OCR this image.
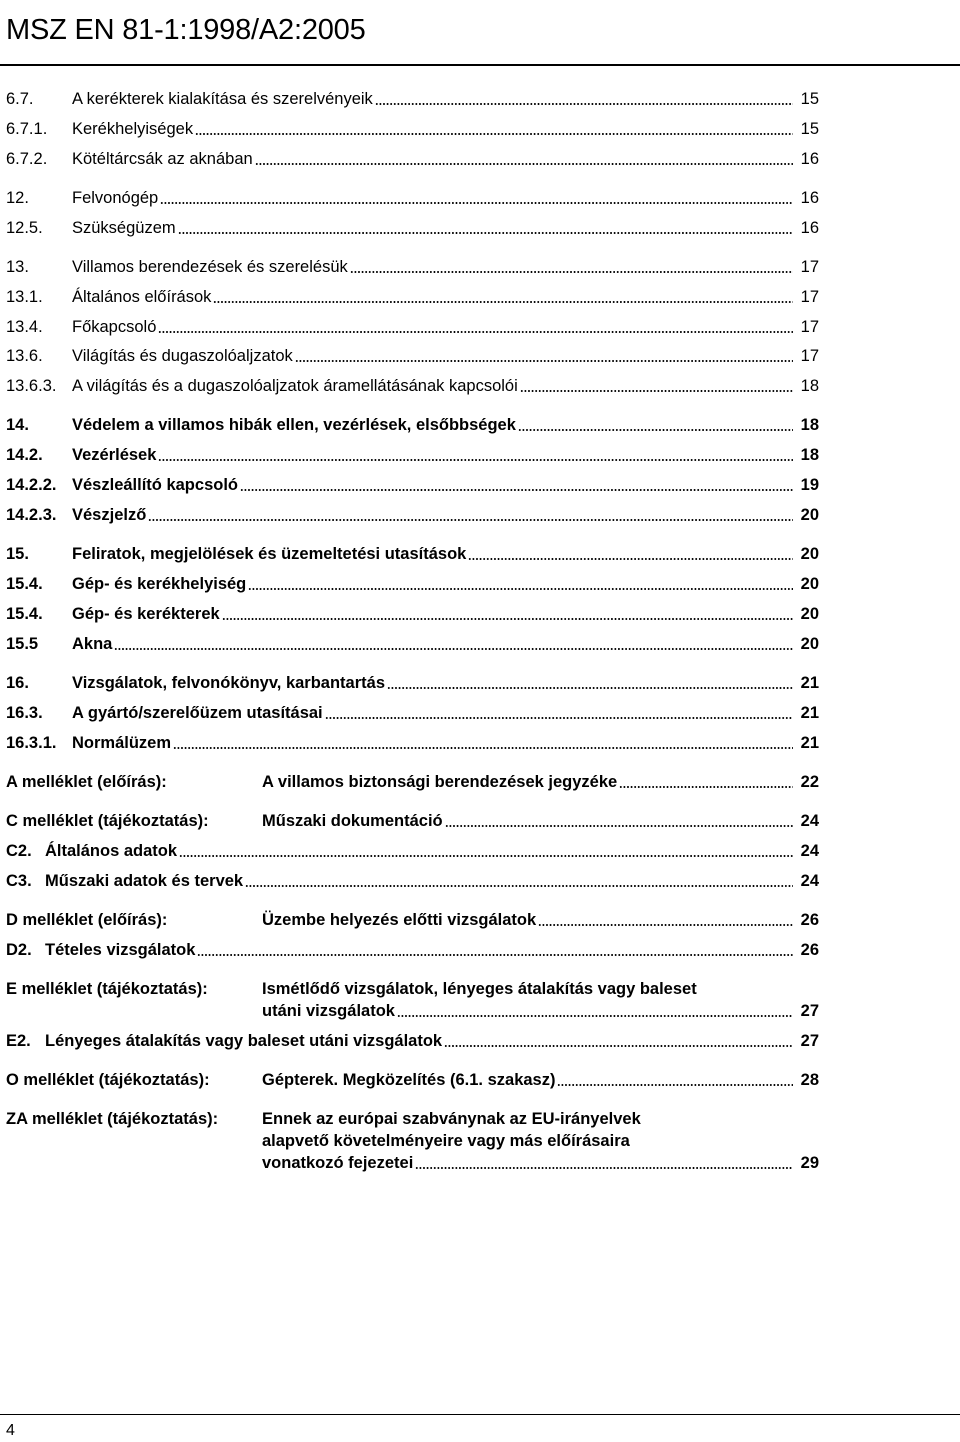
MSZ EN 81-1:1998/A2:2005
6.7. A kerékterek kialakítása és szerelvényeik	15
6.7.1. Kerékhelyiségek	15
6.7.2. Kötéltárcsák az aknában	16
12.	Felvonógép	16
12.5. Szükségüzem	16
13.	Villamos berendezések és szerelésük	17
13.1. Általános előírások	17
13.4. Főkapcsoló	17
13.6. Világítás és dugaszolóaljzatok	17
13.6.3. A világítás és a dugaszolóaljzatok áramellátásának kapcsolói	18
14.	Védelem a villamos hibák ellen, vezérlések, elsőbbségek	18
14.2. Vezérlések	18
14.2.2. Vészleállító kapcsoló	19
14.2.3. Vészjelző	20
15.	Feliratok, megjelölések és üzemeltetési utasítások	20
15.4. Gép- és kerékhelyiség	20
15.4. Gép- és kerékterek	20
15.5 Akna	20
16.	Vizsgálatok, felvonókönyv, karbantartás	21
16.3. A gyártó/szerelőüzem utasításai	21
16.3.1. Normálüzem	21
A melléklet (előírás):	A villamos biztonsági berendezések jegyzéke	22
C melléklet (tájékoztatás):	Műszaki dokumentáció	24
C2. Általános adatok	24
C3. Műszaki adatok és tervek	24
D melléklet (előírás):	Üzembe helyezés előtti vizsgálatok	26
D2. Tételes vizsgálatok	26
E melléklet (tájékoztatás):	Ismétlődő vizsgálatok, lényeges átalakítás vagy baleset
utáni vizsgálatok	27
E2. Lényeges átalakítás vagy baleset utáni vizsgálatok	27
O melléklet (tájékoztatás):	Gépterek. Megközelítés (6.1. szakasz)	28
ZA melléklet (tájékoztatás):	Ennek az európai szabványnak az EU-irányelvek
alapvető követelményeire vagy más előírásaira
vonatkozó fejezetei	29
4
